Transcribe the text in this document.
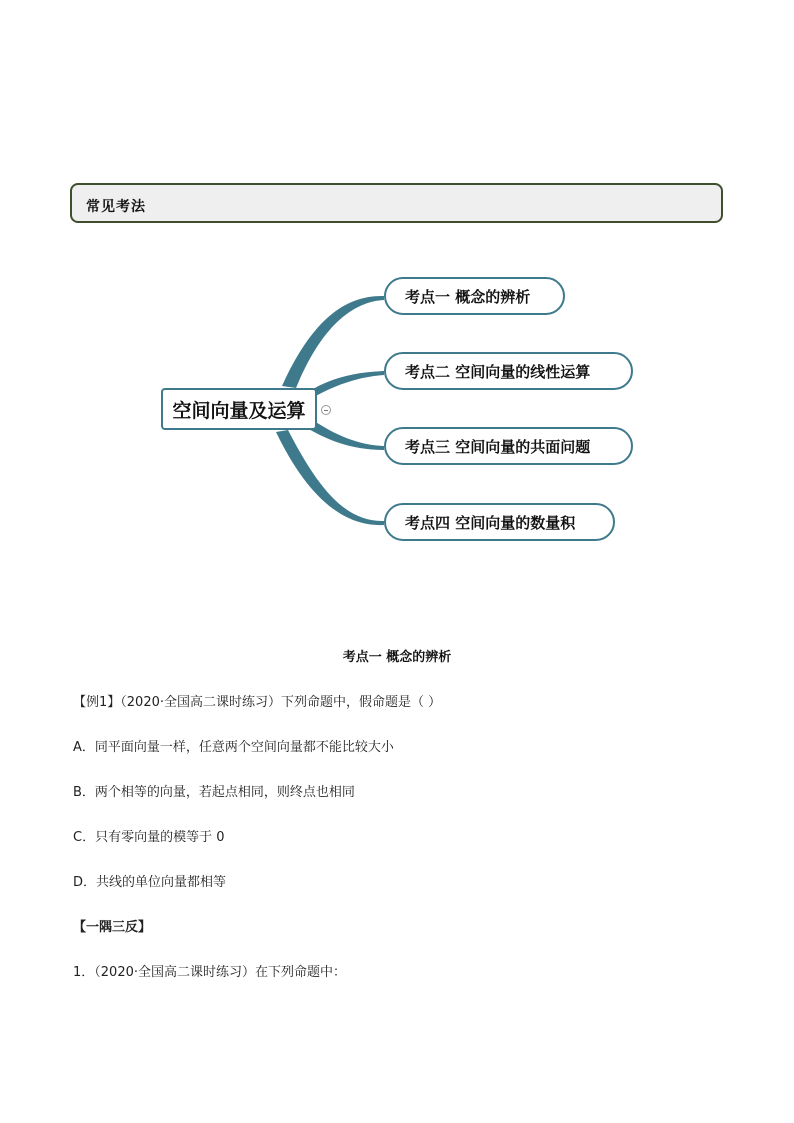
常见考法
空间向量及运算
考点一 概念的辨析
考点二 空间向量的线性运算
考点三 空间向量的共面问题
考点四 空间向量的数量积
考点一 概念的辨析
【例1】（2020·全国高二课时练习）下列命题中，假命题是（ ）
A．同平面向量一样，任意两个空间向量都不能比较大小
B．两个相等的向量，若起点相同，则终点也相同
C．只有零向量的模等于 0
D．共线的单位向量都相等
【一隅三反】
1．（2020·全国高二课时练习）在下列命题中：
